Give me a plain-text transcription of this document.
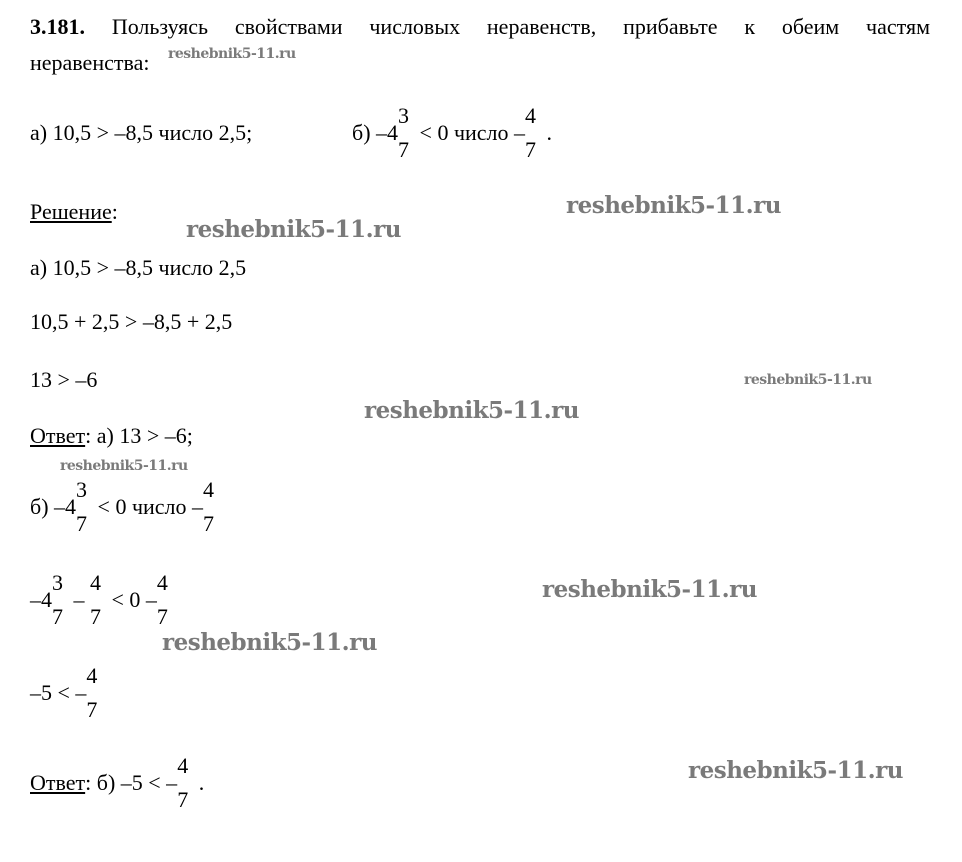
3.181. Пользуясь свойствами числовых неравенств, прибавьте к обеим частям
неравенства:
а) 10,5 > –8,5 число 2,5;	б) –4
3
7
< 0 число –
4
7
.
Решение:
а) 10,5 > –8,5 число 2,5
10,5 + 2,5 > –8,5 + 2,5
13 > –6
Ответ: а) 13 > –6;
б) –4
3
7
< 0 число –
4
7
–4
3
7
–
4
7
< 0 –
4
7
–5 < –
4
7
Ответ: б) –5 < –
4
7
.
reshebnik5-11.ru
reshebnik5-11.ru
reshebnik5-11.ru
reshebnik5-11.ru
reshebnik5-11.ru
reshebnik5-11.ru
reshebnik5-11.ru
reshebnik5-11.ru
reshebnik5-11.ru
